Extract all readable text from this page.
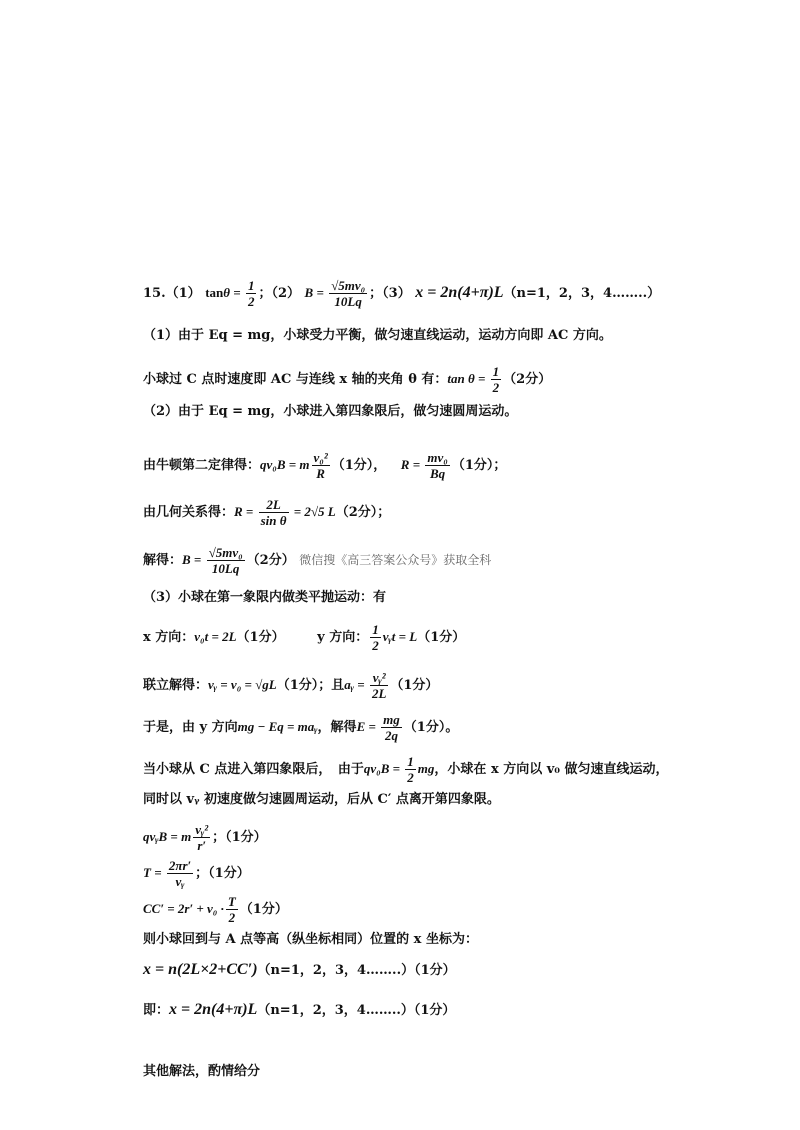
15.（1） $\tan\theta = \frac{1}{2}$ ；（2） $B = \frac{\text{√5mv₀}}{10Lq}$ ；（3） x = 2n(4+π)L（n=1，2，3，4……..）
（1）由于 Eq = mg，小球受力平衡，做匀速直线运动，运动方向即 AC 方向。
小球过 C 点时速度即 AC 与连线 x 轴的夹角 θ 有：$\tan \theta = \frac{1}{2} (2$分）
（2）由于 Eq = mg，小球进入第四象限后，做匀速圆周运动。
由牛顿第二定律得：qv₀B = m $\frac{\text{v₀²}}{R} (1$分）， $R = \frac{\text{mv₀}}{Bq} (1$分）；
由几何关系得：$R = \frac{2L}{\text{sin θ}} = 2√5$ L（2分）；
解得：$B = \frac{\text{√5mv₀}}{10Lq} (2$分） 微信搜《高三答案公众号》获取全科
（3）小球在第一象限内做类平抛运动：有
x 方向：v₀t = 2L（1分）	y 方向： $\frac{1}{2}$ vᵧt = L（1分）
联立解得：vᵧ = v₀ = √gL（1分）；且aᵧ = $\frac{\text{vᵧ²}}{2L} (1$分）
于是，由 y 方向mg − Eq = maᵧ，解得$E = \frac{mg}{2q} (1$分）。
当小球从 C 点进入第四象限后，　由于$qv_0B = \frac{1}{2}$ mg，小球在 x 方向以 v₀ 做匀速直线运动，
同时以 vᵧ 初速度做匀速圆周运动，后从 C′ 点离开第四象限。
qvᵧB = m $\frac{\text{vᵧ²}}{r'}$ ；（1分）
$T = \frac{2\pi r'}{\text{vᵧ}}$ ；（1分）
$CC' = 2r' + v_0 \cdot \frac{T}{2} (1$分）
则小球回到与 A 点等高（纵坐标相同）位置的 x 坐标为：
x = n(2L×2+CC′)（n=1，2，3，4……..）（1分）
即：x = 2n(4+π)L（n=1，2，3，4……..）（1分）
其他解法，酌情给分
